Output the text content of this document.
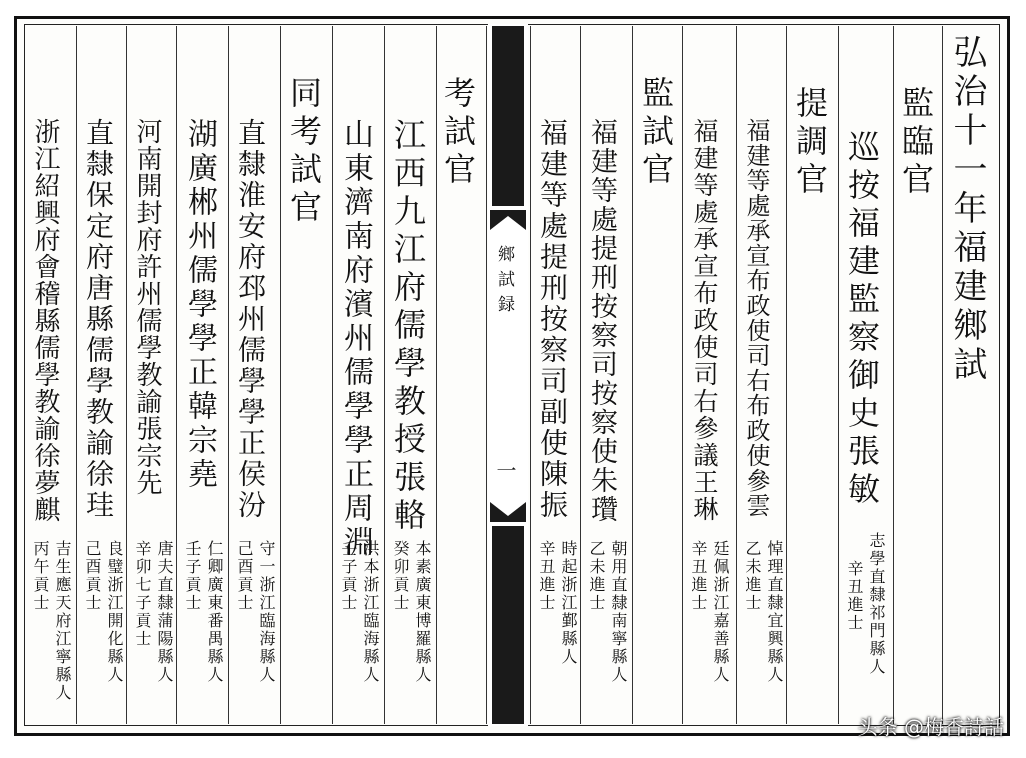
弘治十一年福建鄉試
監臨官
巡按福建監察御史張敏
志學直隸祁門縣人
辛丑進士
提調官
福建等處承宣布政使司右布政使參雲
悼理直隸宜興縣人
乙未進士
福建等處承宣布政使司右參議王琳
廷佩浙江嘉善縣人
辛丑進士
監試官
福建等處提刑按察司按察使朱瓚
朝用直隸南寧縣人
乙未進士
福建等處提刑按察司副使陳振
時起浙江鄞縣人
辛丑進士
鄉試録
一
考試官
江西九江府儒學教授張輅
本素廣東博羅縣人
癸卯貢士
山東濟南府濱州儒學學正周淵
洪本浙江臨海縣人
壬子貢士
同考試官
直隸淮安府邳州儒學學正侯汾
守一浙江臨海縣人
己酉貢士
湖廣郴州儒學學正韓宗堯
仁卿廣東番禺縣人
壬子貢士
河南開封府許州儒學教諭張宗先
唐夫直隸蒲陽縣人
辛卯七子貢士
直隸保定府唐縣儒學教諭徐珪
良璧浙江開化縣人
己酉貢士
浙江紹興府會稽縣儒學教諭徐夢麒
吉生應天府江寧縣人
丙午貢士
头条 @梅香詩話
